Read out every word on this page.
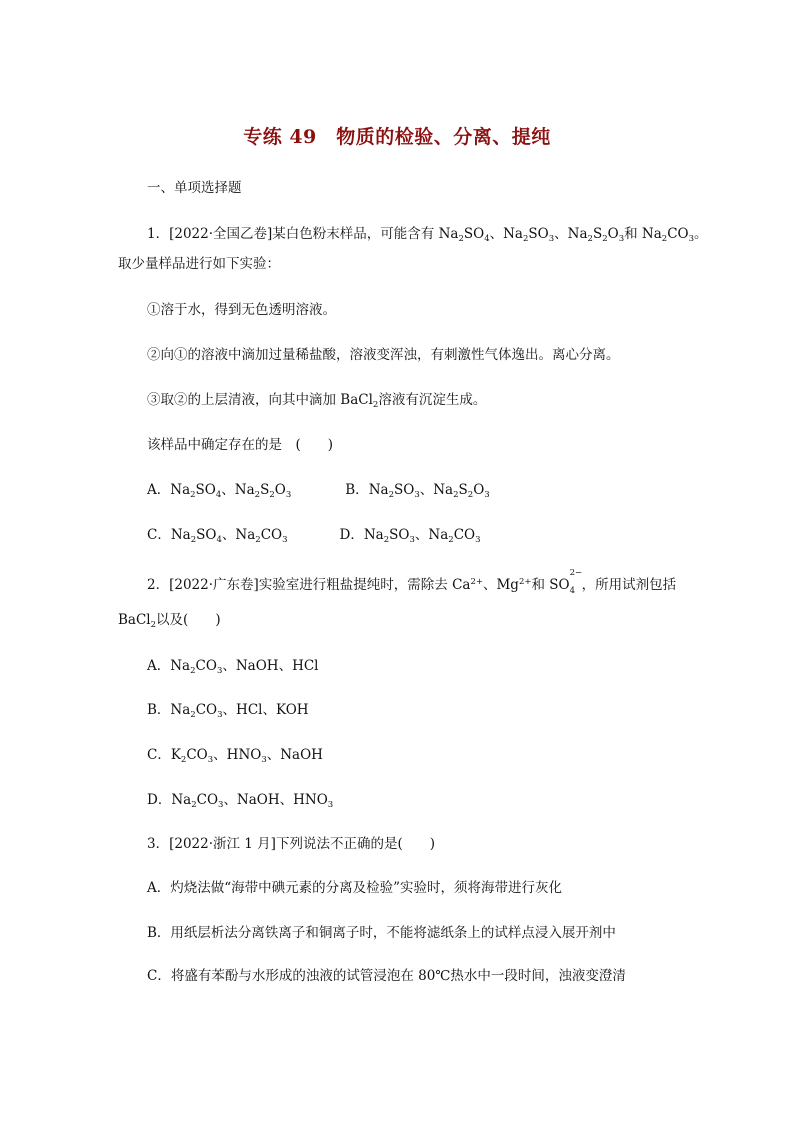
专练 49　物质的检验、分离、提纯
一、单项选择题
1．[2022·全国乙卷]某白色粉末样品，可能含有 $Na_2SO_4$、$Na_2SO_3$、$Na_2S_2O_3$和 $Na_2CO_3$。
取少量样品进行如下实验：
①溶于水，得到无色透明溶液。
②向①的溶液中滴加过量稀盐酸，溶液变浑浊，有刺激性气体逸出。离心分离。
③取②的上层清液，向其中滴加 BaCl$_2$溶液有沉淀生成。
该样品中确定存在的是　(　　)
A．$Na_2SO_4$、$Na_2S_2O_3$	B．$Na_2SO_3$、$Na_2S_2O_3$
C．$Na_2SO_4$、$Na_2CO_3$	D．$Na_2SO_3$、$Na_2CO_3$
2．[2022·广东卷]实验室进行粗盐提纯时，需除去 $Ca^{2+}$、$Mg^{2+}$和 SO
2−
4 ，所用试剂包括
BaCl$_2$以及(　　)
A．$Na_2CO_3$、NaOH、HCl
B．$Na_2CO_3$、HCl、KOH
C．$K_2CO_3$、$HNO_3$、NaOH
D．$Na_2CO_3$、NaOH、$HNO_3$
3．[2022·浙江 1 月]下列说法不正确的是(　　)
A．灼烧法做“海带中碘元素的分离及检验”实验时，须将海带进行灰化
B．用纸层析法分离铁离子和铜离子时，不能将滤纸条上的试样点浸入展开剂中
C．将盛有苯酚与水形成的浊液的试管浸泡在 80℃热水中一段时间，浊液变澄清
